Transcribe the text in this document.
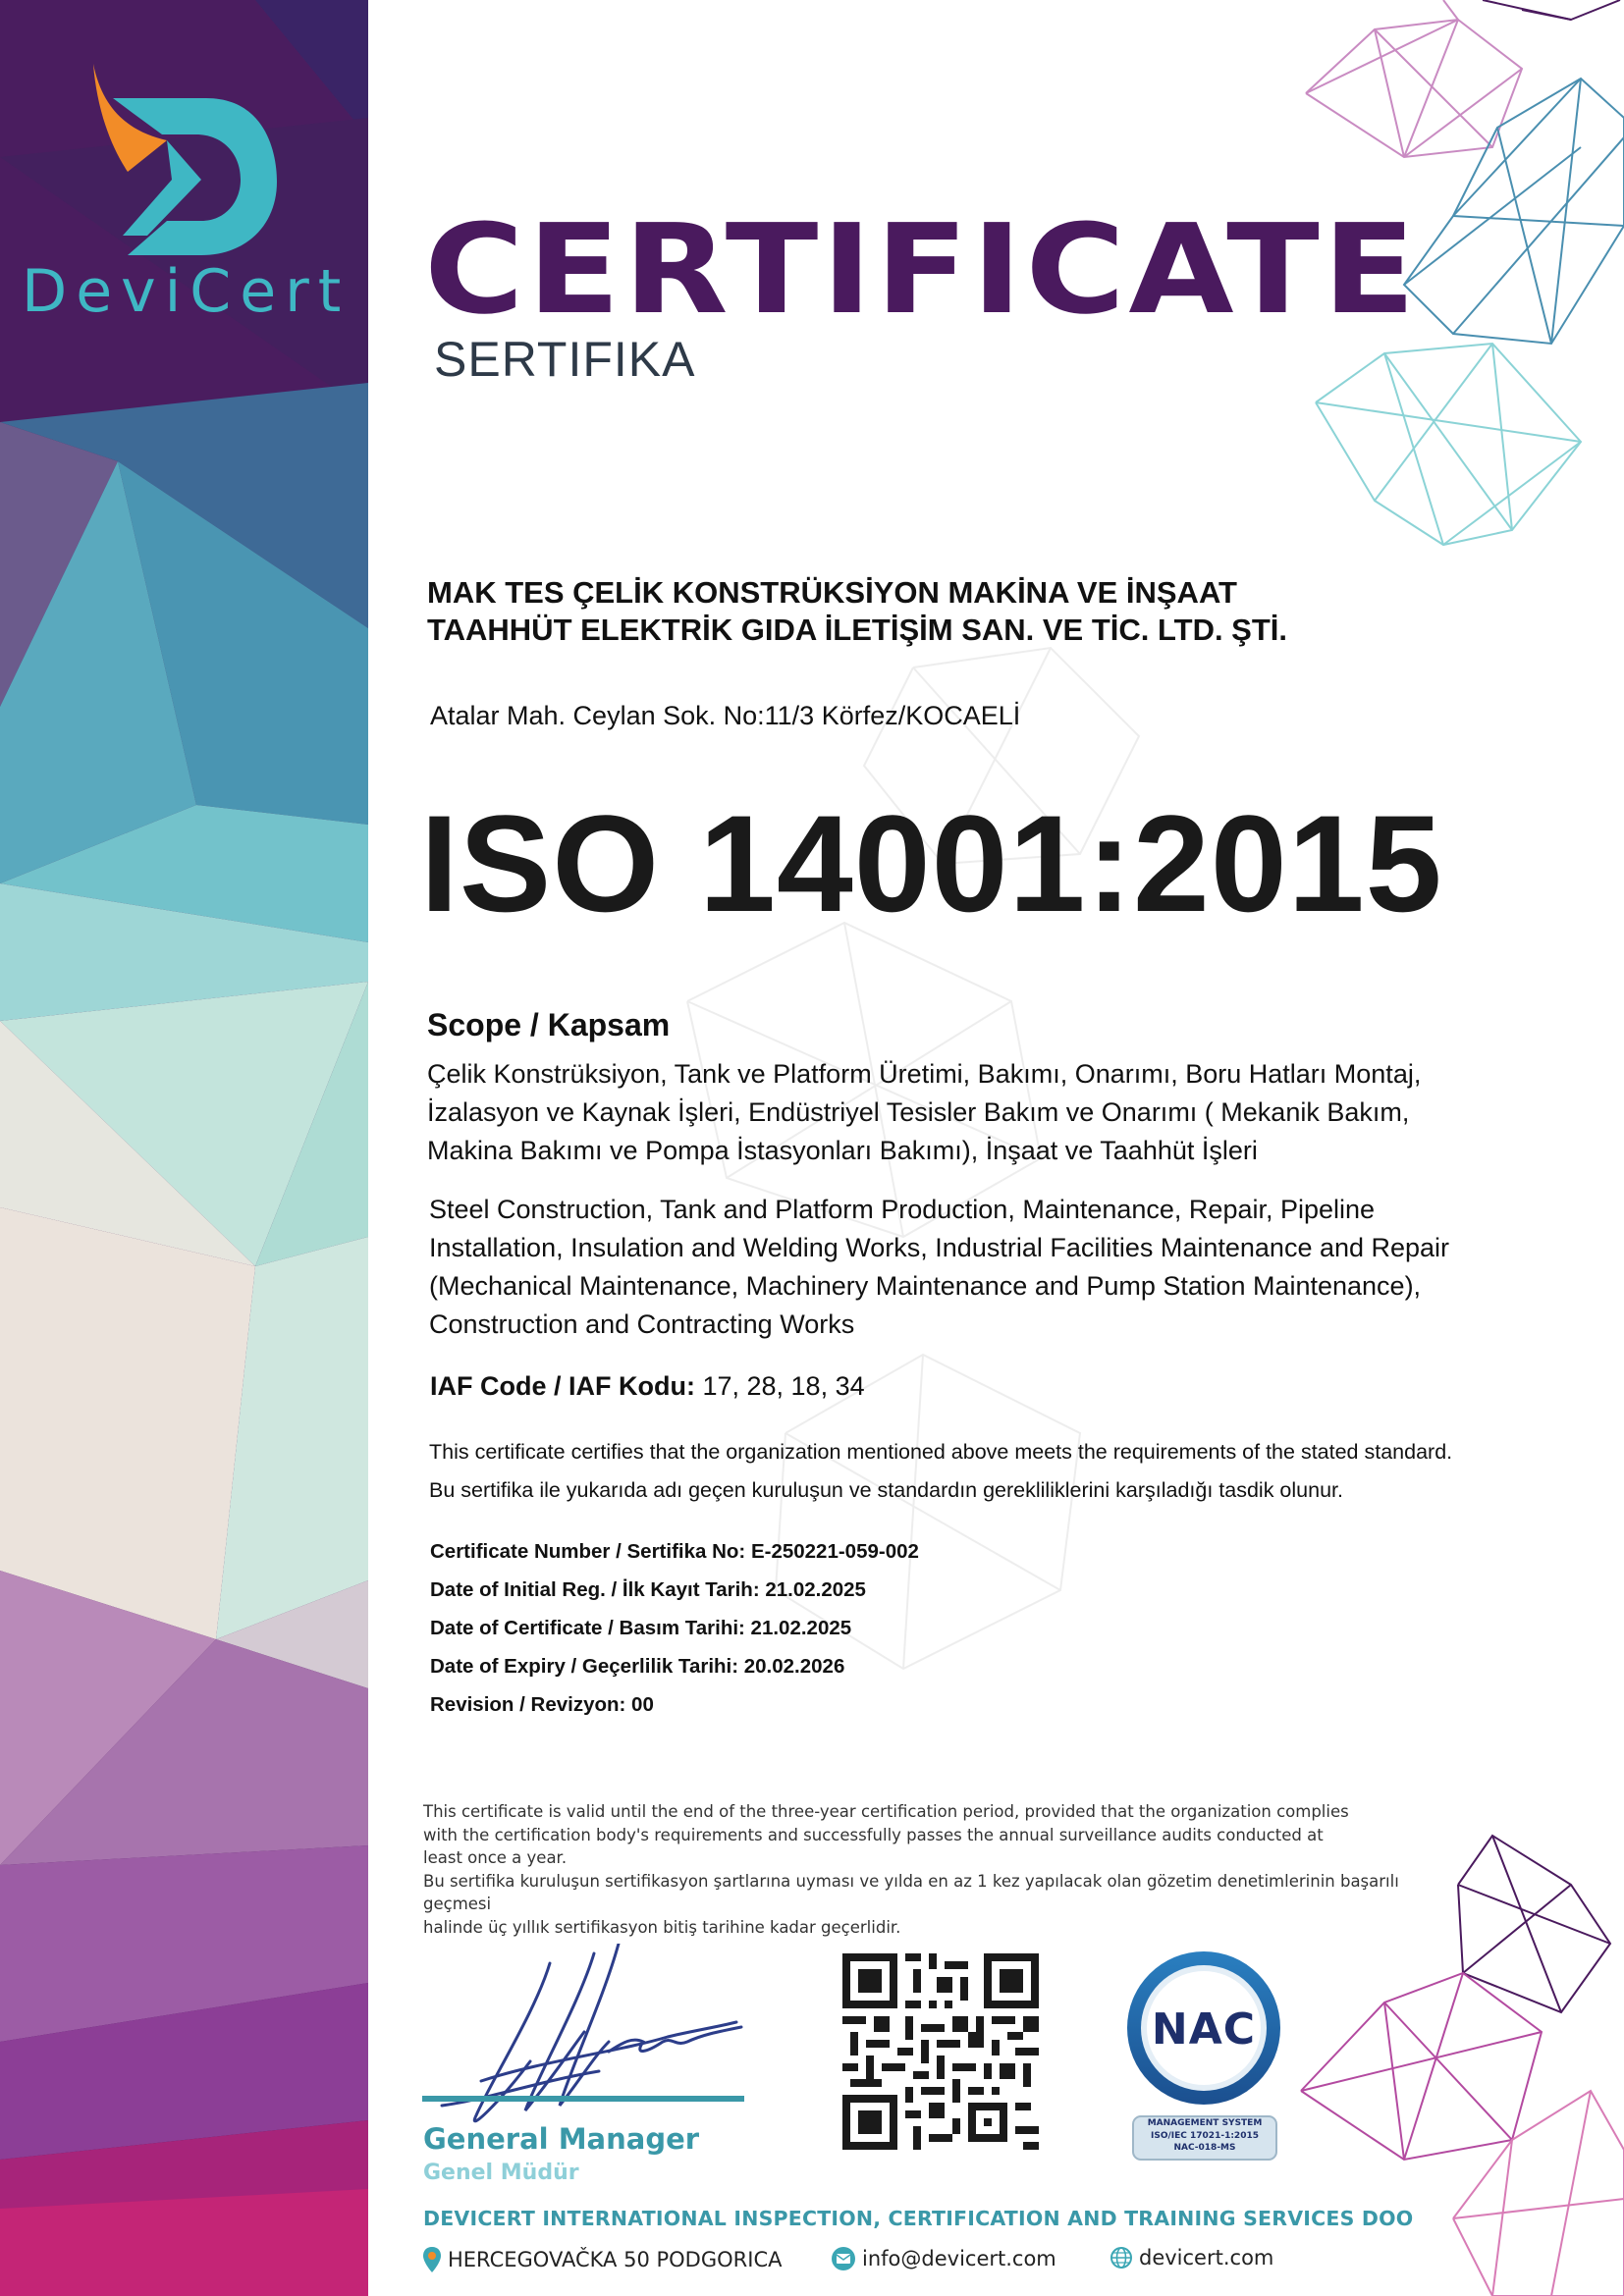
DeviCert CERTIFICATE
SERTIFIKA
MAK TES ÇELİK KONSTRÜKSİYON MAKİNA VE İNŞAAT
TAAHHÜT ELEKTRİK GIDA İLETİŞİM SAN. VE TİC. LTD. ŞTİ.
Atalar Mah. Ceylan Sok. No:11/3 Körfez/KOCAELİ
ISO 14001:2015
Scope / Kapsam
Çelik Konstrüksiyon, Tank ve Platform Üretimi, Bakımı, Onarımı, Boru Hatları Montaj,
İzalasyon ve Kaynak İşleri, Endüstriyel Tesisler Bakım ve Onarımı ( Mekanik Bakım,
Makina Bakımı ve Pompa İstasyonları Bakımı), İnşaat ve Taahhüt İşleri
Steel Construction, Tank and Platform Production, Maintenance, Repair, Pipeline
Installation, Insulation and Welding Works, Industrial Facilities Maintenance and Repair
(Mechanical Maintenance, Machinery Maintenance and Pump Station Maintenance),
Construction and Contracting Works
IAF Code / IAF Kodu: 17, 28, 18, 34
This certificate certifies that the organization mentioned above meets the requirements of the stated standard.
Bu sertifika ile yukarıda adı geçen kuruluşun ve standardın gerekliliklerini karşıladığı tasdik olunur.
Certificate Number / Sertifika No: E-250221-059-002
Date of Initial Reg. / İlk Kayıt Tarih: 21.02.2025
Date of Certificate / Basım Tarihi: 21.02.2025
Date of Expiry / Geçerlilik Tarihi: 20.02.2026
Revision / Revizyon: 00
This certificate is valid until the end of the three-year certification period, provided that the organization complies
with the certification body's requirements and successfully passes the annual surveillance audits conducted at
least once a year.
Bu sertifika kuruluşun sertifikasyon şartlarına uyması ve yılda en az 1 kez yapılacak olan gözetim denetimlerinin başarılı geçmesi
halinde üç yıllık sertifikasyon bitiş tarihine kadar geçerlidir.
General Manager
Genel Müdür
NAC
MANAGEMENT SYSTEM
ISO/IEC 17021-1:2015
NAC-018-MS
DEVICERT INTERNATIONAL INSPECTION, CERTIFICATION AND TRAINING SERVICES DOO
HERCEGOVAČKA 50 PODGORICA	info@devicert.com	devicert.com
